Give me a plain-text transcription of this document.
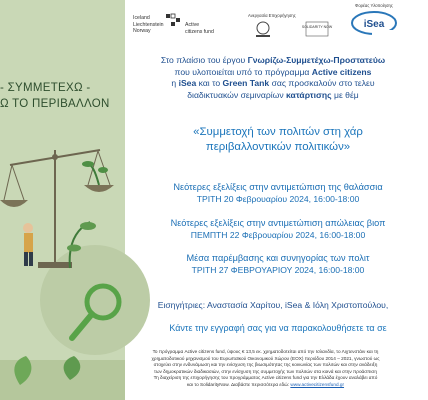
- ΣΥΜΜΕΤΕΧΩ -
Ω ΤΟ ΠΕΡΙΒΑΛΛΟΝ
Iceland
Liechtenstein
Norway
Active
citizens fund
Ανεργασία Επιχορήγησης
SOLIDARITY NOW
Φορέας Υλοποίησης
iSea
Στο πλαίσιο του έργου Γνωρίζω-Συμμετέχω-Προστατεύω
που υλοποιείται υπό το πρόγραμμα Active citizens
η iSea και το Green Tank σας προσκαλούν στο τελευ
διαδικτυακών σεμιναρίων κατάρτισης με θέμ
«Συμμετοχή των πολιτών στη χάρ
περιβαλλοντικών πολιτικών»
Νεότερες εξελίξεις στην αντιμετώπιση της θαλάσσια
ΤΡΙΤΗ 20 Φεβρουαρίου 2024, 16:00-18:00
Νεότερες εξελίξεις στην αντιμετώπιση απώλειας βιοπ
ΠΕΜΠΤΗ 22 Φεβρουαρίου 2024, 16:00-18:00
Μέσα παρέμβασης και συνηγορίας των πολιτ
ΤΡΙΤΗ 27 ΦΕΒΡΟΥΑΡΙΟΥ 2024, 16:00-18:00
Εισηγήτριες: Αναστασία Χαρίτου, iSea & Ιόλη Χριστοπούλου,
Κάντε την εγγραφή σας για να παρακολουθήσετε τα σε
Το πρόγραμμα Active citizens fund, ύψους € 13,5 εκ. χρηματοδοτείται από την Ισλανδία, το Λιχτενστάιν και τη
χρηματοδοτικού μηχανισμού του Ευρωπαϊκού Οικονομικού Χώρου (ΕΟΧ) περιόδου 2014 – 2021, γνωστού ως
στοχεύει στην ενδυνάμωση και την ενίσχυση της βιωσιμότητας της κοινωνίας των πολιτών και στην ανάδειξη
των δημοκρατικών διαδικασιών, στην ενίσχυση της συμμετοχής των πολιτών στα κοινά και στην προάσπιση
Τη διαχείριση της επιχορήγησης του προγράμματος Active citizens fund για την Ελλάδα έχουν αναλάβει από
και το SolidarityNow. Διαβάστε περισσότερα εδώ: www.activecitizensfund.gr
